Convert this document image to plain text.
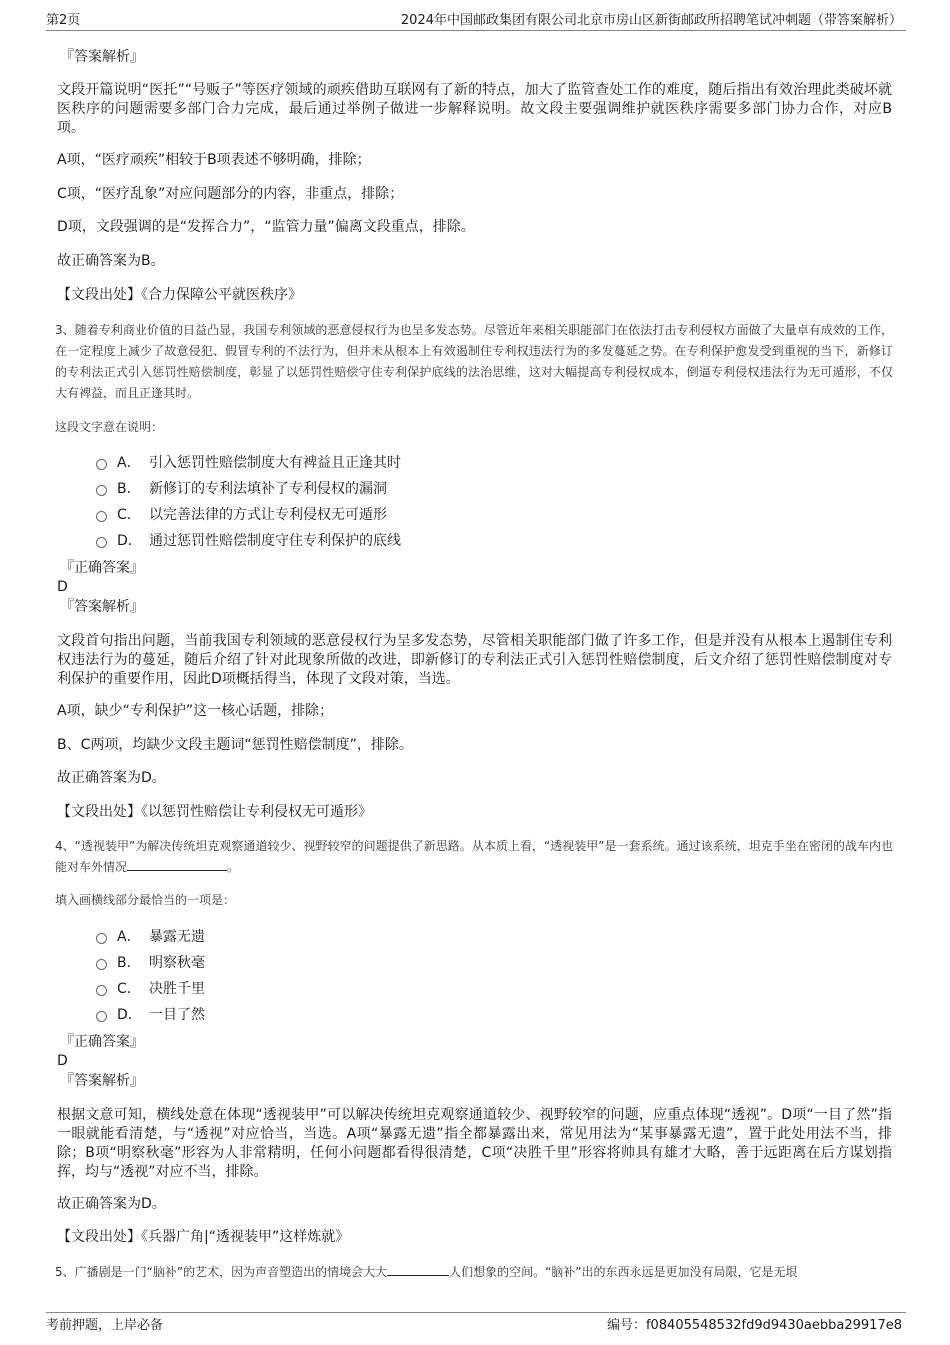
第2页	2024年中国邮政集团有限公司北京市房山区新街邮政所招聘笔试冲刺题（带答案解析）
『答案解析』
文段开篇说明“医托”“号贩子”等医疗领域的顽疾借助互联网有了新的特点，加大了监管查处工作的难度，随后指出有效治理此类破坏就医秩序的问题需要多部门合力完成，最后通过举例子做进一步解释说明。故文段主要强调维护就医秩序需要多部门协力合作，对应B项。
A项，“医疗顽疾”相较于B项表述不够明确，排除；
C项，“医疗乱象”对应问题部分的内容，非重点，排除；
D项，文段强调的是“发挥合力”，“监管力量”偏离文段重点，排除。
故正确答案为B。
【文段出处】《合力保障公平就医秩序》
3、随着专利商业价值的日益凸显，我国专利领域的恶意侵权行为也呈多发态势。尽管近年来相关职能部门在依法打击专利侵权方面做了大量卓有成效的工作，在一定程度上减少了故意侵犯、假冒专利的不法行为，但并未从根本上有效遏制住专利权违法行为的多发蔓延之势。在专利保护愈发受到重视的当下，新修订的专利法正式引入惩罚性赔偿制度，彰显了以惩罚性赔偿守住专利保护底线的法治思维，这对大幅提高专利侵权成本，倒逼专利侵权违法行为无可遁形，不仅大有裨益，而且正逢其时。
这段文字意在说明：
A． 引入惩罚性赔偿制度大有裨益且正逢其时
B． 新修订的专利法填补了专利侵权的漏洞
C． 以完善法律的方式让专利侵权无可遁形
D． 通过惩罚性赔偿制度守住专利保护的底线
『正确答案』
D
『答案解析』
文段首句指出问题，当前我国专利领域的恶意侵权行为呈多发态势，尽管相关职能部门做了许多工作，但是并没有从根本上遏制住专利权违法行为的蔓延，随后介绍了针对此现象所做的改进，即新修订的专利法正式引入惩罚性赔偿制度，后文介绍了惩罚性赔偿制度对专利保护的重要作用，因此D项概括得当，体现了文段对策，当选。
A项，缺少“专利保护”这一核心话题，排除；
B、C两项，均缺少文段主题词“惩罚性赔偿制度”，排除。
故正确答案为D。
【文段出处】《以惩罚性赔偿让专利侵权无可遁形》
4、“透视装甲”为解决传统坦克观察通道较少、视野较窄的问题提供了新思路。从本质上看，“透视装甲”是一套系统。通过该系统，坦克手坐在密闭的战车内也能对车外情况	。
填入画横线部分最恰当的一项是：
A． 暴露无遗
B． 明察秋毫
C． 决胜千里
D． 一目了然
『正确答案』
D
『答案解析』
根据文意可知，横线处意在体现“透视装甲”可以解决传统坦克观察通道较少、视野较窄的问题，应重点体现“透视”。D项“一目了然”指一眼就能看清楚，与“透视”对应恰当，当选。A项“暴露无遗”指全都暴露出来，常见用法为“某事暴露无遗”，置于此处用法不当，排除；B项“明察秋毫”形容为人非常精明，任何小问题都看得很清楚，C项“决胜千里”形容将帅具有雄才大略，善于远距离在后方谋划指挥，均与“透视”对应不当，排除。
故正确答案为D。
【文段出处】《兵器广角|“透视装甲”这样炼就》
5、广播剧是一门“脑补”的艺术，因为声音塑造出的情境会大大	人们想象的空间。“脑补”出的东西永远是更加没有局限，它是无垠
考前押题，上岸必备	编号：f08405548532fd9d9430aebba29917e8
